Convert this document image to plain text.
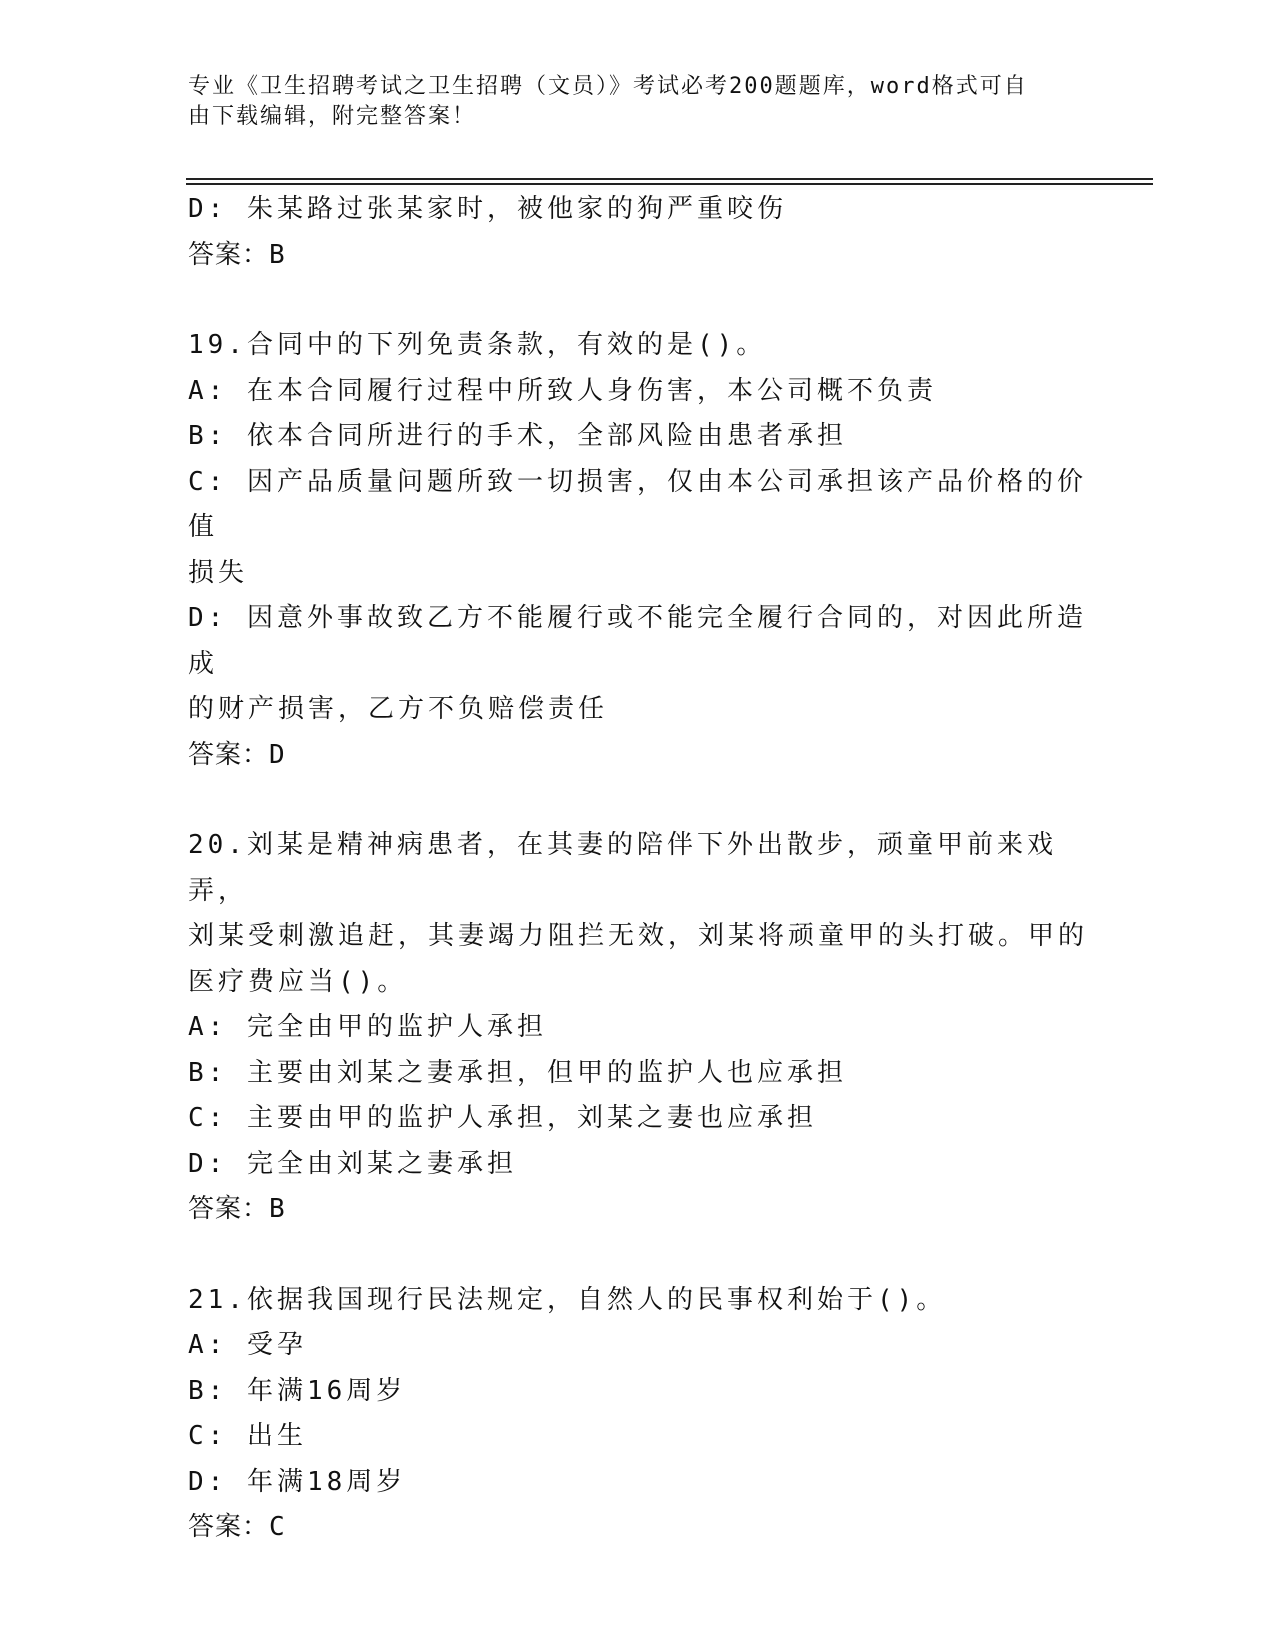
专业《卫生招聘考试之卫生招聘（文员）》考试必考200题题库，word格式可自
由下载编辑，附完整答案！

D: 朱某路过张某家时，被他家的狗严重咬伤

答案：B

19.合同中的下列免责条款，有效的是()。

A: 在本合同履行过程中所致人身伤害，本公司概不负责

B: 依本合同所进行的手术，全部风险由患者承担

C: 因产品质量问题所致一切损害，仅由本公司承担该产品价格的价值

损失

D: 因意外事故致乙方不能履行或不能完全履行合同的，对因此所造成

的财产损害，乙方不负赔偿责任

答案：D

20.刘某是精神病患者，在其妻的陪伴下外出散步，顽童甲前来戏弄，

刘某受刺激追赶，其妻竭力阻拦无效，刘某将顽童甲的头打破。甲的

医疗费应当()。

A: 完全由甲的监护人承担

B: 主要由刘某之妻承担，但甲的监护人也应承担

C: 主要由甲的监护人承担，刘某之妻也应承担

D: 完全由刘某之妻承担

答案：B

21.依据我国现行民法规定，自然人的民事权利始于()。

A: 受孕

B: 年满16周岁

C: 出生

D: 年满18周岁

答案：C
